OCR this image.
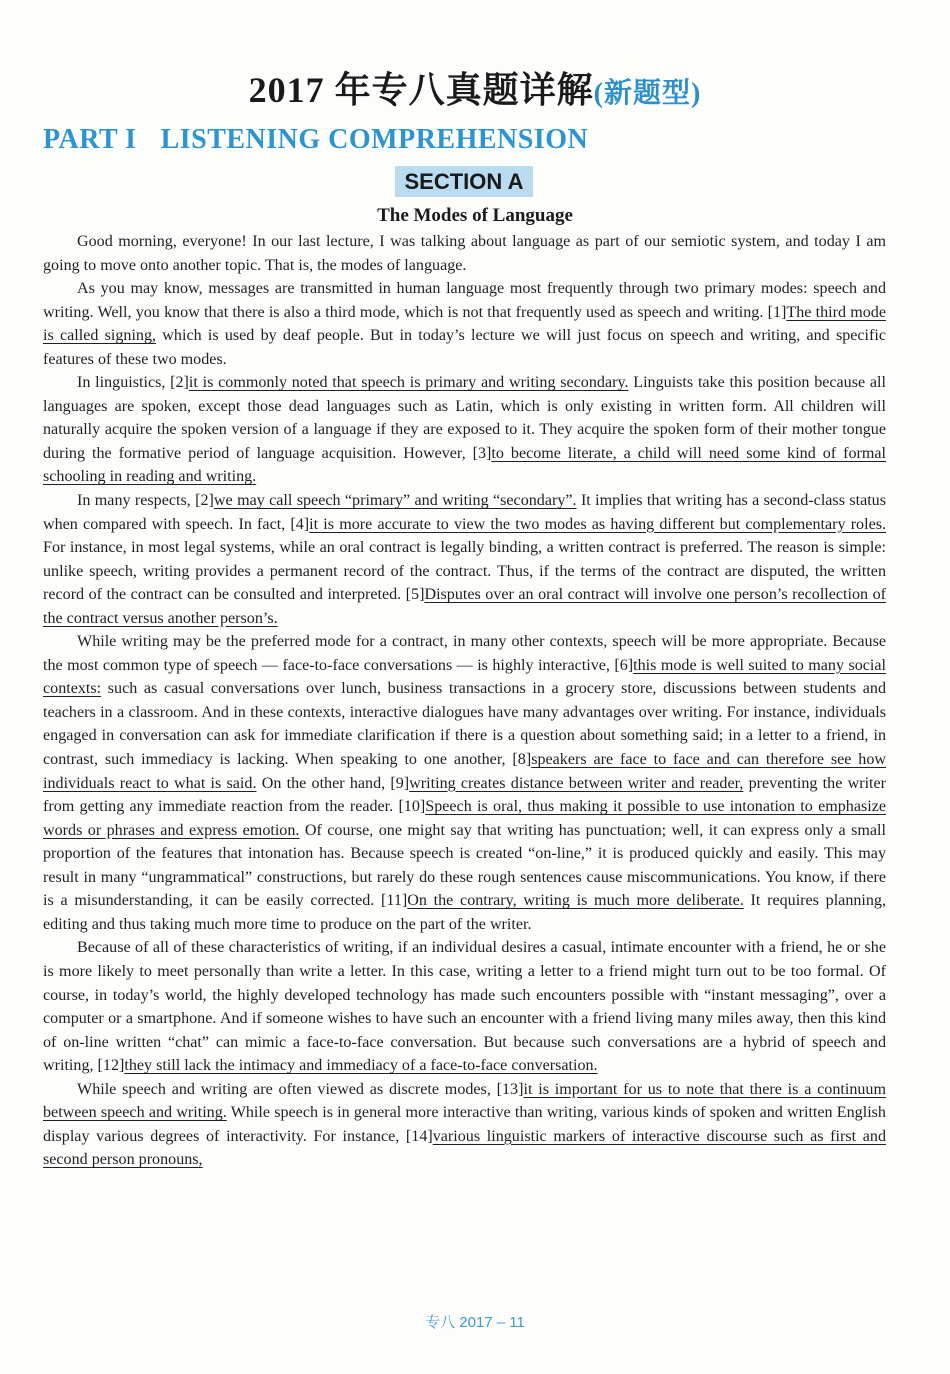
2017 年专八真题详解(新题型)
PART I LISTENING COMPREHENSION
SECTION A
The Modes of Language

Good morning, everyone! In our last lecture, I was talking about language as part of our semiotic system, and today I am going to move onto another topic. That is, the modes of language.

As you may know, messages are transmitted in human language most frequently through two primary modes: speech and writing. Well, you know that there is also a third mode, which is not that frequently used as speech and writing. [1]The third mode is called signing, which is used by deaf people. But in today’s lecture we will just focus on speech and writing, and specific features of these two modes.

In linguistics, [2]it is commonly noted that speech is primary and writing secondary. Linguists take this position because all languages are spoken, except those dead languages such as Latin, which is only existing in written form. All children will naturally acquire the spoken version of a language if they are exposed to it. They acquire the spoken form of their mother tongue during the formative period of language acquisition. However, [3]to become literate, a child will need some kind of formal schooling in reading and writing.

In many respects, [2]we may call speech “primary” and writing “secondary”. It implies that writing has a second-class status when compared with speech. In fact, [4]it is more accurate to view the two modes as having different but complementary roles. For instance, in most legal systems, while an oral contract is legally binding, a written contract is preferred. The reason is simple: unlike speech, writing provides a permanent record of the contract. Thus, if the terms of the contract are disputed, the written record of the contract can be consulted and interpreted. [5]Disputes over an oral contract will involve one person’s recollection of the contract versus another person’s.

While writing may be the preferred mode for a contract, in many other contexts, speech will be more appropriate. Because the most common type of speech — face-to-face conversations — is highly interactive, [6]this mode is well suited to many social contexts: such as casual conversations over lunch, business transactions in a grocery store, discussions between students and teachers in a classroom. And in these contexts, interactive dialogues have many advantages over writing. For instance, individuals engaged in conversation can ask for immediate clarification if there is a question about something said; in a letter to a friend, in contrast, such immediacy is lacking. When speaking to one another, [8]speakers are face to face and can therefore see how individuals react to what is said. On the other hand, [9]writing creates distance between writer and reader, preventing the writer from getting any immediate reaction from the reader. [10]Speech is oral, thus making it possible to use intonation to emphasize words or phrases and express emotion. Of course, one might say that writing has punctuation; well, it can express only a small proportion of the features that intonation has. Because speech is created “on-line,” it is produced quickly and easily. This may result in many “ungrammatical” constructions, but rarely do these rough sentences cause miscommunications. You know, if there is a misunderstanding, it can be easily corrected. [11]On the contrary, writing is much more deliberate. It requires planning, editing and thus taking much more time to produce on the part of the writer.

Because of all of these characteristics of writing, if an individual desires a casual, intimate encounter with a friend, he or she is more likely to meet personally than write a letter. In this case, writing a letter to a friend might turn out to be too formal. Of course, in today’s world, the highly developed technology has made such encounters possible with “instant messaging”, over a computer or a smartphone. And if someone wishes to have such an encounter with a friend living many miles away, then this kind of on-line written “chat” can mimic a face-to-face conversation. But because such conversations are a hybrid of speech and writing, [12]they still lack the intimacy and immediacy of a face-to-face conversation.

While speech and writing are often viewed as discrete modes, [13]it is important for us to note that there is a continuum between speech and writing. While speech is in general more interactive than writing, various kinds of spoken and written English display various degrees of interactivity. For instance, [14]various linguistic markers of interactive discourse such as first and second person pronouns,

专八 2017 – 11
